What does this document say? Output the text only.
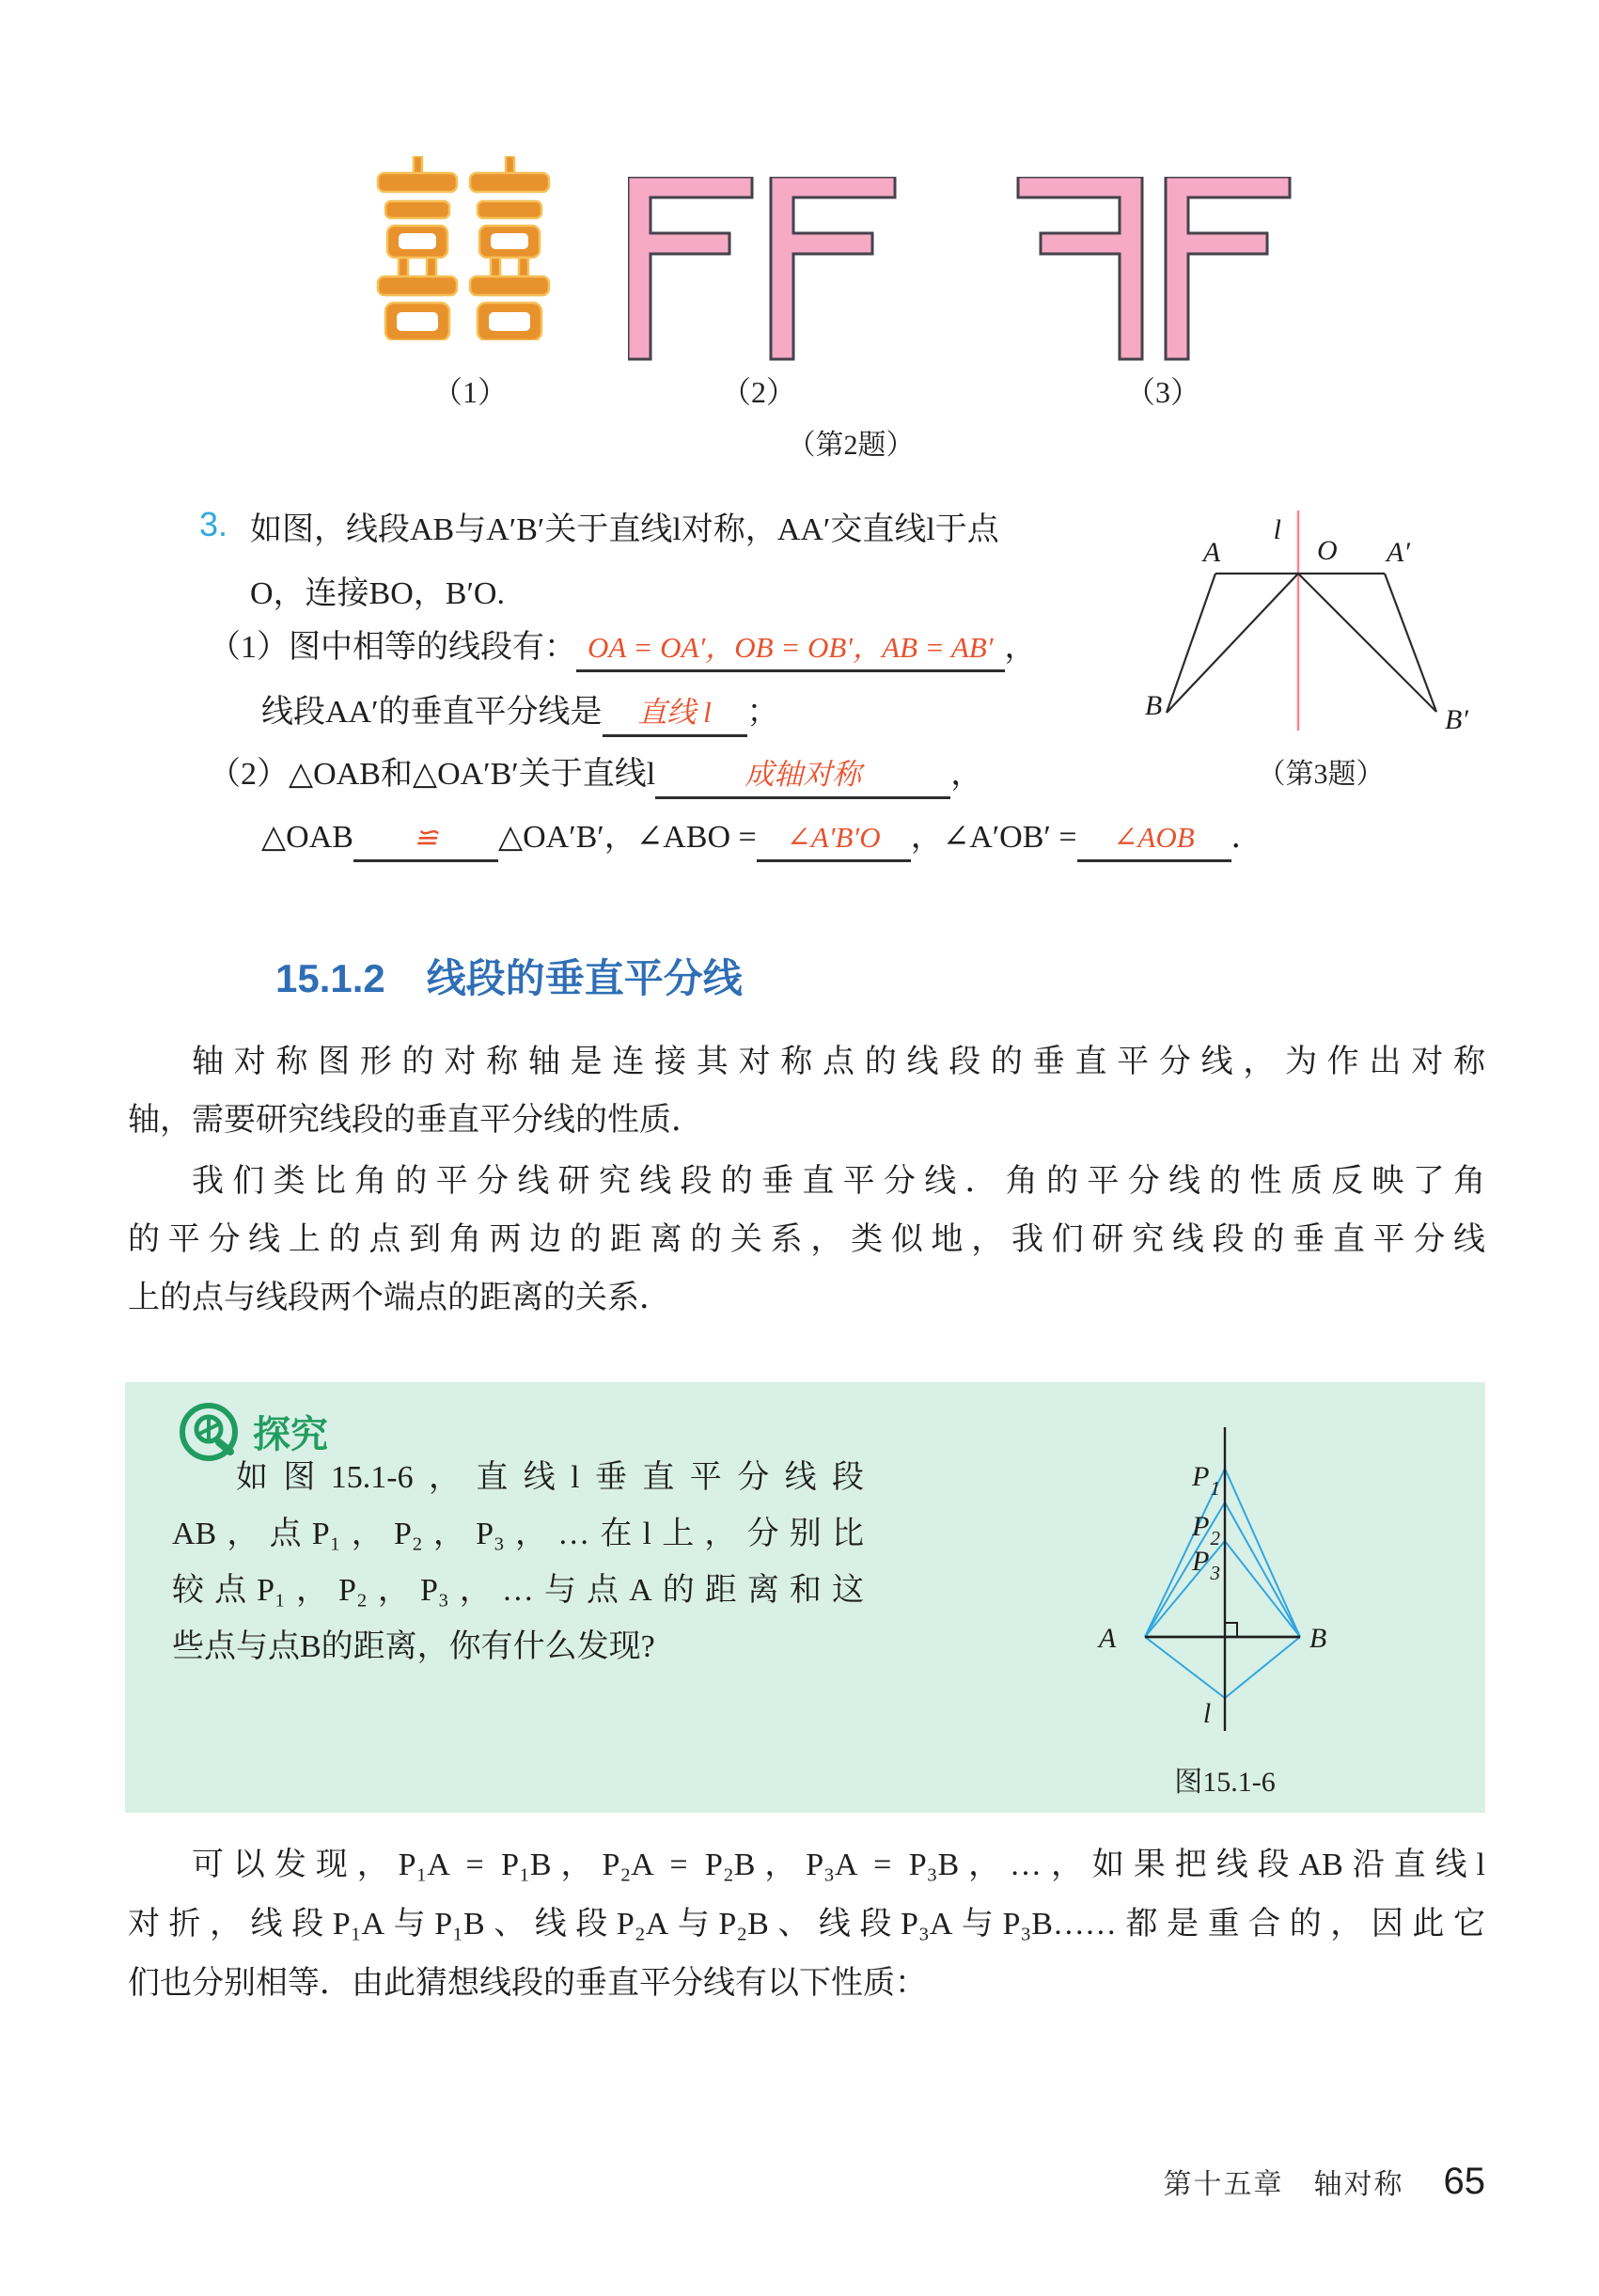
（1）	（2）	（3）
（第2题）
3. 如图，线段AB与A′B′关于直线l对称，AA′交直线l于点
O，连接BO，B′O.
（1）图中相等的线段有： OA = OA′，OB = OB′，AB = AB′ ，
线段AA′的垂直平分线是 直线 l ；
（2）△OAB和△OA′B′关于直线l	成轴对称	，
△OAB ≌ △OA′B′，∠ABO = ∠A′B′O ，∠A′OB′ = ∠AOB ．
l
A	O A′
B	B′
（第3题）
15.1.2 线段的垂直平分线
轴对称图形的对称轴是连接其对称点的线段的垂直平分线，为作出对称
轴，需要研究线段的垂直平分线的性质．
我们类比角的平分线研究线段的垂直平分线．角的平分线的性质反映了角
的平分线上的点到角两边的距离的关系，类似地，我们研究线段的垂直平分线
上的点与线段两个端点的距离的关系．
探究
如图15.1-6，直线l垂直平分线段
AB，点P₁，P₂，P₃，…在l上，分别比
较点P₁，P₂，P₃，…与点A的距离和这
些点与点B的距离，你有什么发现?
$P_1$
$P_2$
$P_3$
A	B
l
图15.1-6
可以发现，P₁A = P₁B，P₂A = P₂B，P₃A = P₃B，…，如果把线段AB沿直线l
对折，线段P₁A与P₁B、线段P₂A与P₂B、线段P₃A与P₃B……都是重合的，因此它
们也分别相等．由此猜想线段的垂直平分线有以下性质：
第十五章　轴对称 65
